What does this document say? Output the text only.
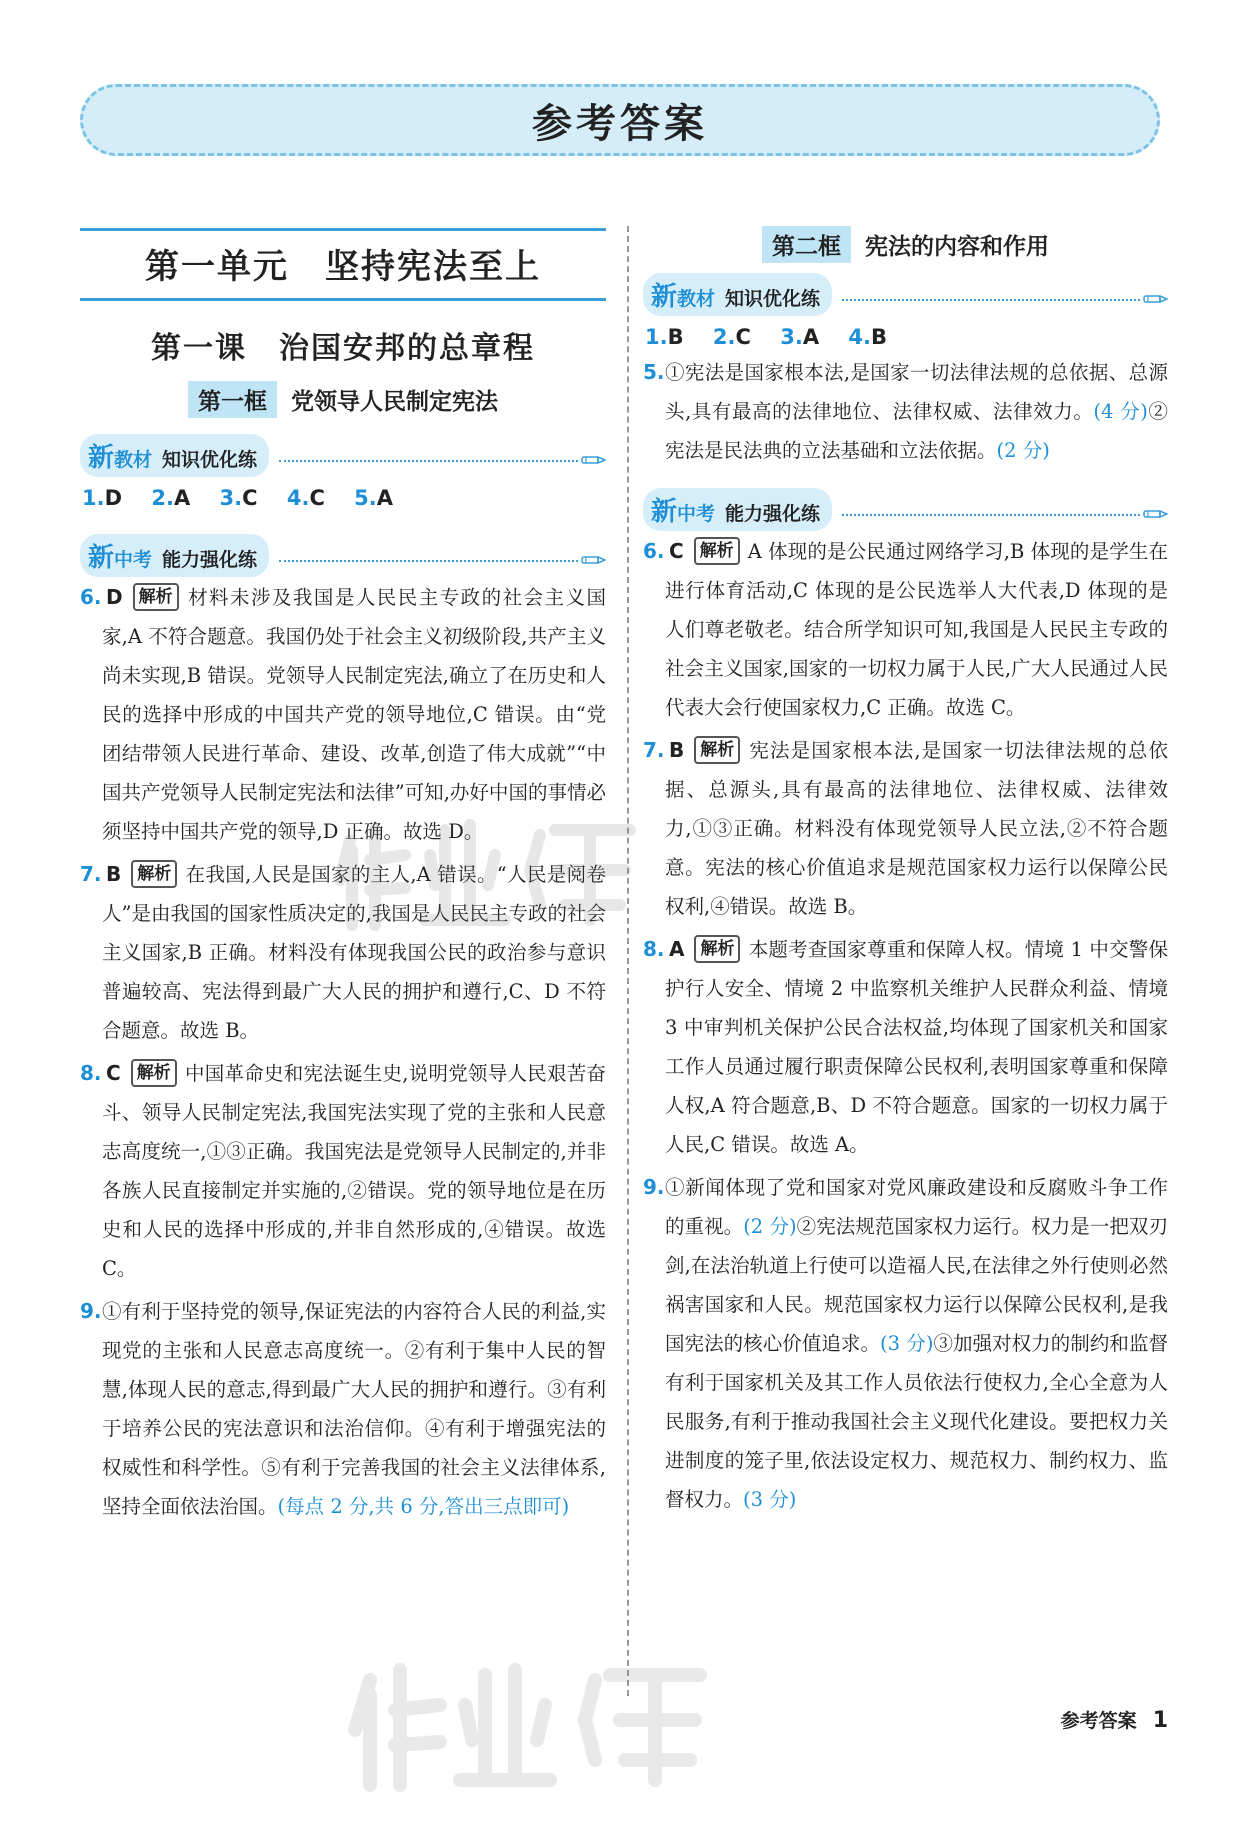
参考答案
第一单元　坚持宪法至上
第一课　治国安邦的总章程
第一框 党领导人民制定宪法
新 教材 知识优化练
1.D 2.A 3.C 4.C 5.A
新 中考 能力强化练
6. D 解析 材料未涉及我国是人民民主专政的社会主义国家,A 不符合题意。我国仍处于社会主义初级阶段,共产主义尚未实现,B 错误。党领导人民制定宪法,确立了在历史和人民的选择中形成的中国共产党的领导地位,C 错误。由“党团结带领人民进行革命、建设、改革,创造了伟大成就”“中国共产党领导人民制定宪法和法律”可知,办好中国的事情必须坚持中国共产党的领导,D 正确。故选 D。
7. B 解析 在我国,人民是国家的主人,A 错误。“人民是阅卷人”是由我国的国家性质决定的,我国是人民民主专政的社会主义国家,B 正确。材料没有体现我国公民的政治参与意识普遍较高、宪法得到最广大人民的拥护和遵行,C、D 不符合题意。故选 B。
8. C 解析 中国革命史和宪法诞生史,说明党领导人民艰苦奋斗、领导人民制定宪法,我国宪法实现了党的主张和人民意志高度统一,①③正确。我国宪法是党领导人民制定的,并非各族人民直接制定并实施的,②错误。党的领导地位是在历史和人民的选择中形成的,并非自然形成的,④错误。故选 C。
9. ①有利于坚持党的领导,保证宪法的内容符合人民的利益,实现党的主张和人民意志高度统一。②有利于集中人民的智慧,体现人民的意志,得到最广大人民的拥护和遵行。③有利于培养公民的宪法意识和法治信仰。④有利于增强宪法的权威性和科学性。⑤有利于完善我国的社会主义法律体系,坚持全面依法治国。(每点 2 分,共 6 分,答出三点即可)
第二框 宪法的内容和作用
新 教材 知识优化练
1.B 2.C 3.A 4.B
5. ①宪法是国家根本法,是国家一切法律法规的总依据、总源头,具有最高的法律地位、法律权威、法律效力。(4 分)②宪法是民法典的立法基础和立法依据。(2 分)
新 中考 能力强化练
6. C 解析 A 体现的是公民通过网络学习,B 体现的是学生在进行体育活动,C 体现的是公民选举人大代表,D 体现的是人们尊老敬老。结合所学知识可知,我国是人民民主专政的社会主义国家,国家的一切权力属于人民,广大人民通过人民代表大会行使国家权力,C 正确。故选 C。
7. B 解析 宪法是国家根本法,是国家一切法律法规的总依据、总源头,具有最高的法律地位、法律权威、法律效力,①③正确。材料没有体现党领导人民立法,②不符合题意。宪法的核心价值追求是规范国家权力运行以保障公民权利,④错误。故选 B。
8. A 解析 本题考查国家尊重和保障人权。情境 1 中交警保护行人安全、情境 2 中监察机关维护人民群众利益、情境 3 中审判机关保护公民合法权益,均体现了国家机关和国家工作人员通过履行职责保障公民权利,表明国家尊重和保障人权,A 符合题意,B、D 不符合题意。国家的一切权力属于人民,C 错误。故选 A。
9. ①新闻体现了党和国家对党风廉政建设和反腐败斗争工作的重视。(2 分)②宪法规范国家权力运行。权力是一把双刃剑,在法治轨道上行使可以造福人民,在法律之外行使则必然祸害国家和人民。规范国家权力运行以保障公民权利,是我国宪法的核心价值追求。(3 分)③加强对权力的制约和监督有利于国家机关及其工作人员依法行使权力,全心全意为人民服务,有利于推动我国社会主义现代化建设。要把权力关进制度的笼子里,依法设定权力、规范权力、制约权力、监督权力。(3 分)
参考答案 1
